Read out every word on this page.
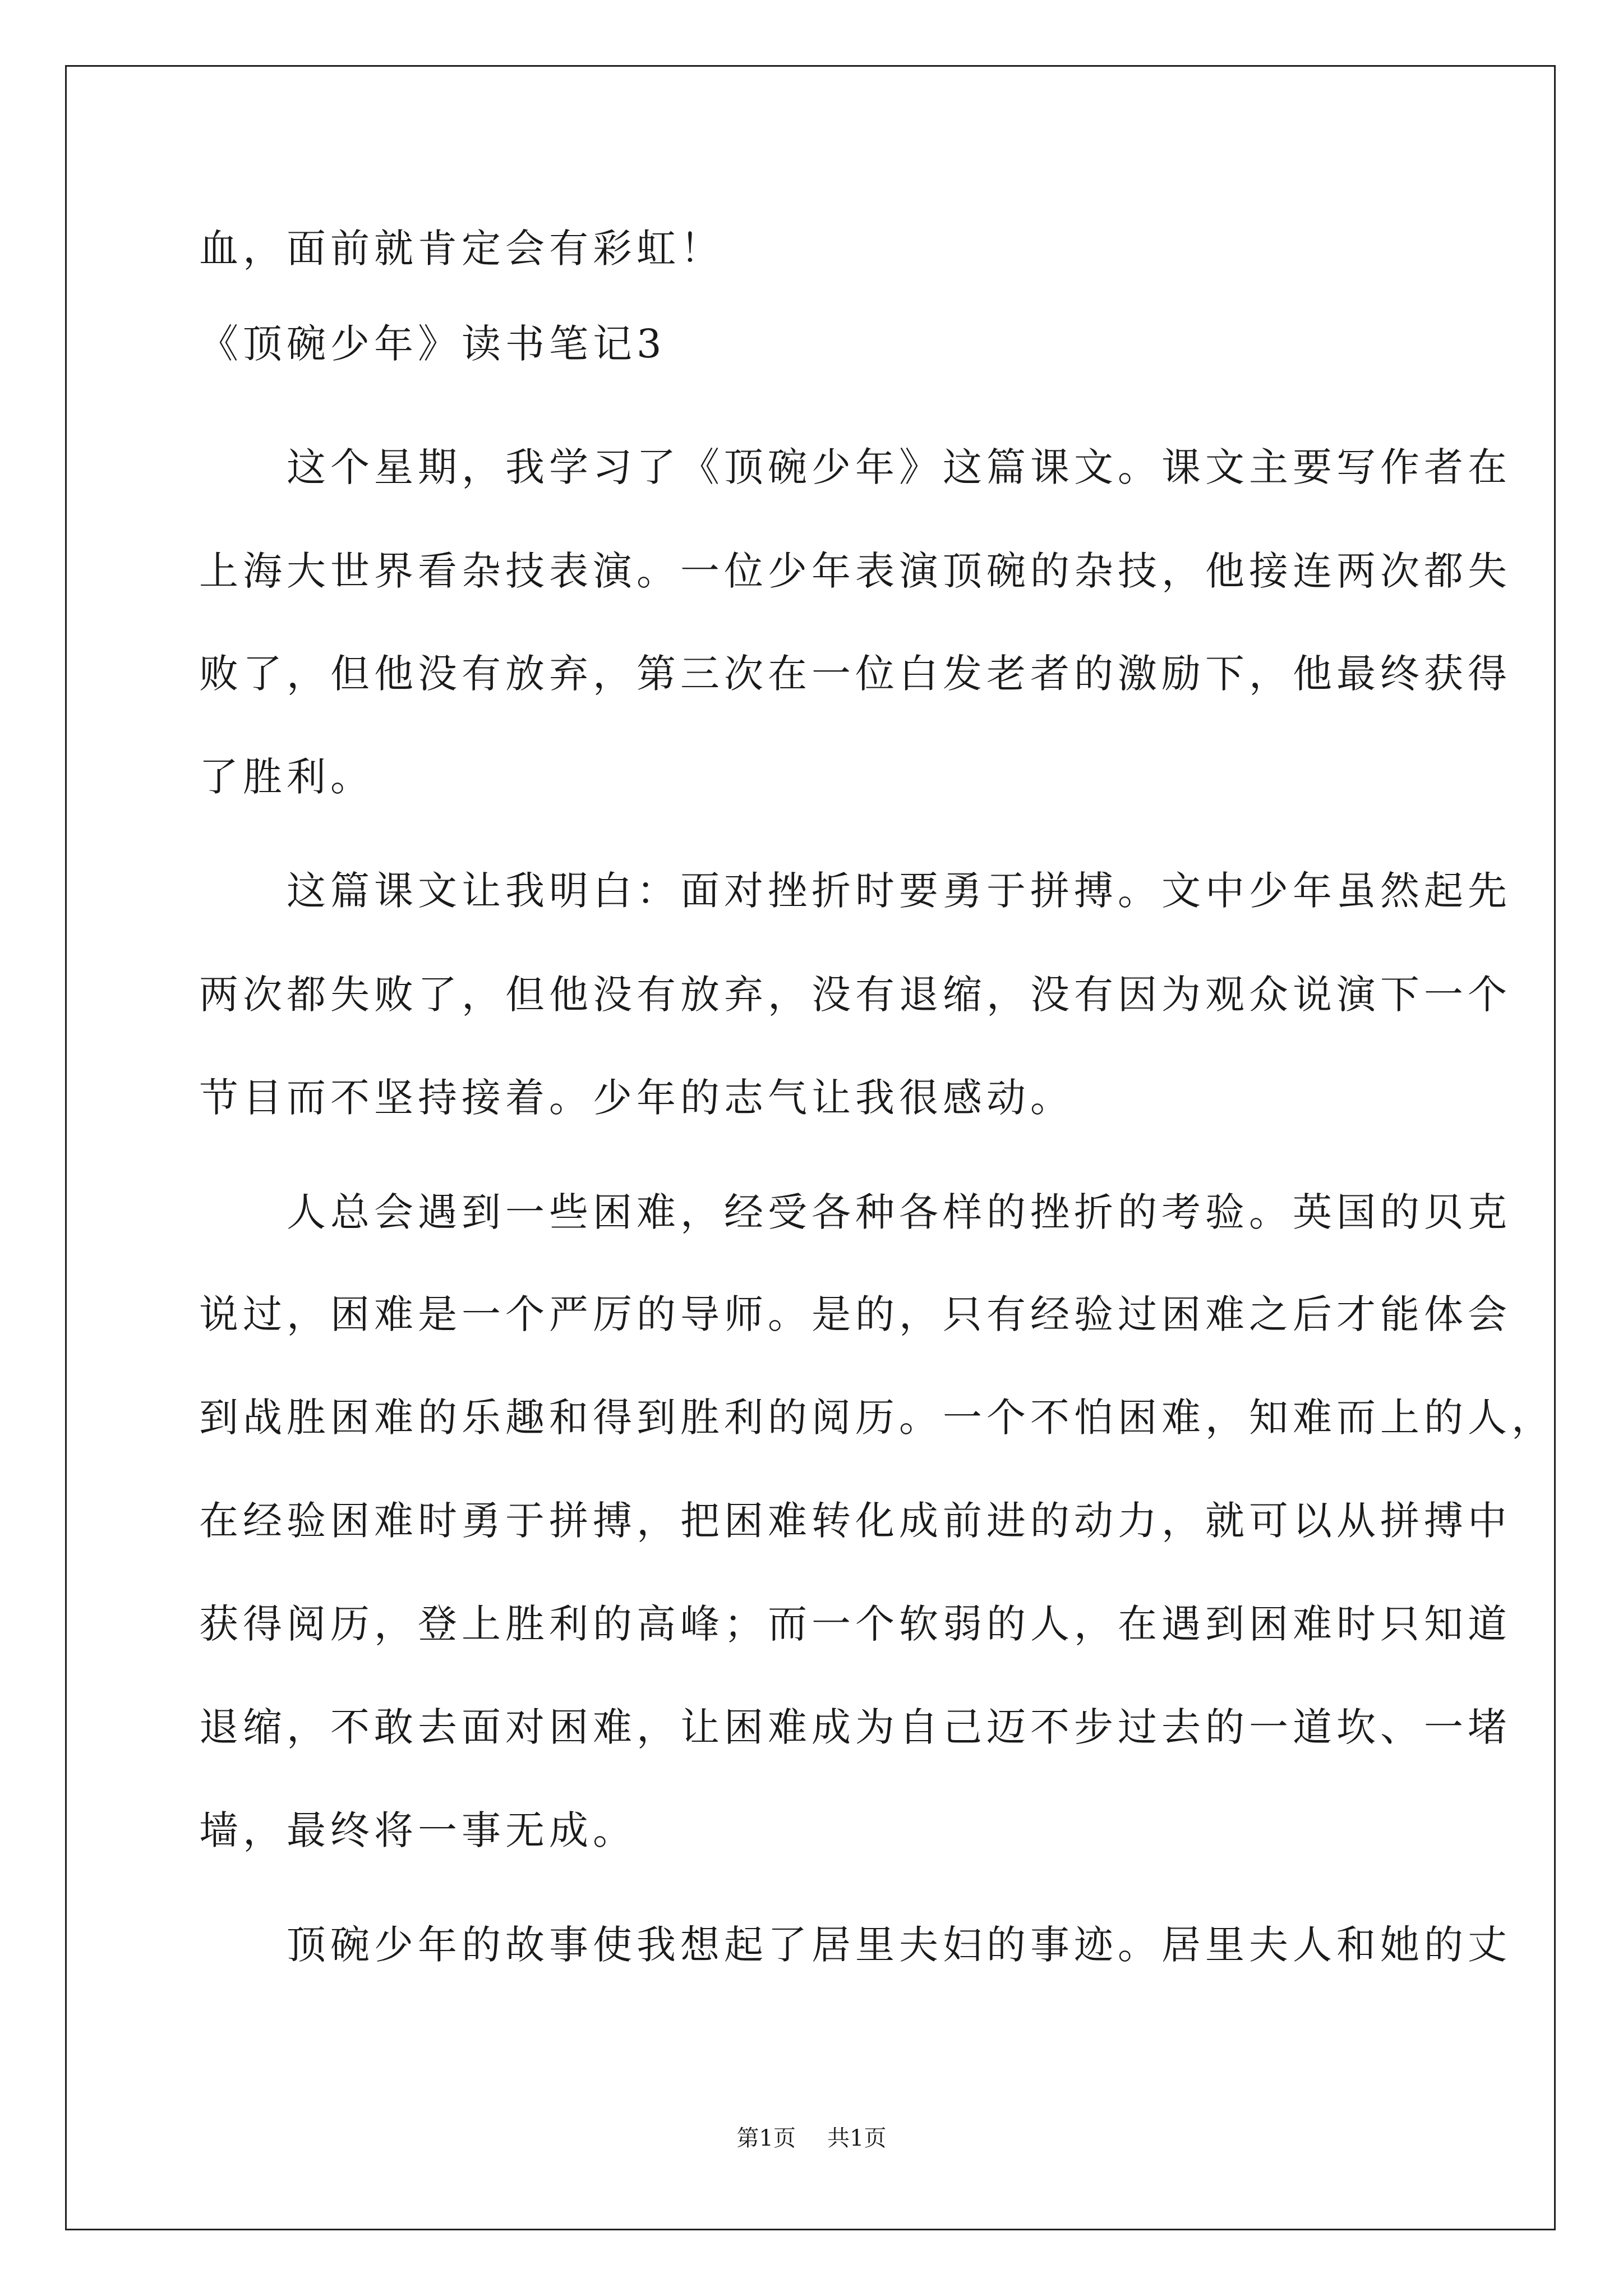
血，面前就肯定会有彩虹！
《顶碗少年》读书笔记3
　　这个星期，我学习了《顶碗少年》这篇课文。课文主要写作者在
上海大世界看杂技表演。一位少年表演顶碗的杂技，他接连两次都失
败了，但他没有放弃，第三次在一位白发老者的激励下，他最终获得
了胜利。
　　这篇课文让我明白：面对挫折时要勇于拼搏。文中少年虽然起先
两次都失败了，但他没有放弃，没有退缩，没有因为观众说演下一个
节目而不坚持接着。少年的志气让我很感动。
　　人总会遇到一些困难，经受各种各样的挫折的考验。英国的贝克
说过，困难是一个严厉的导师。是的，只有经验过困难之后才能体会
到战胜困难的乐趣和得到胜利的阅历。一个不怕困难，知难而上的人，
在经验困难时勇于拼搏，把困难转化成前进的动力，就可以从拼搏中
获得阅历，登上胜利的高峰；而一个软弱的人，在遇到困难时只知道
退缩，不敢去面对困难，让困难成为自己迈不步过去的一道坎、一堵
墙，最终将一事无成。
　　顶碗少年的故事使我想起了居里夫妇的事迹。居里夫人和她的丈
第1页 共1页
